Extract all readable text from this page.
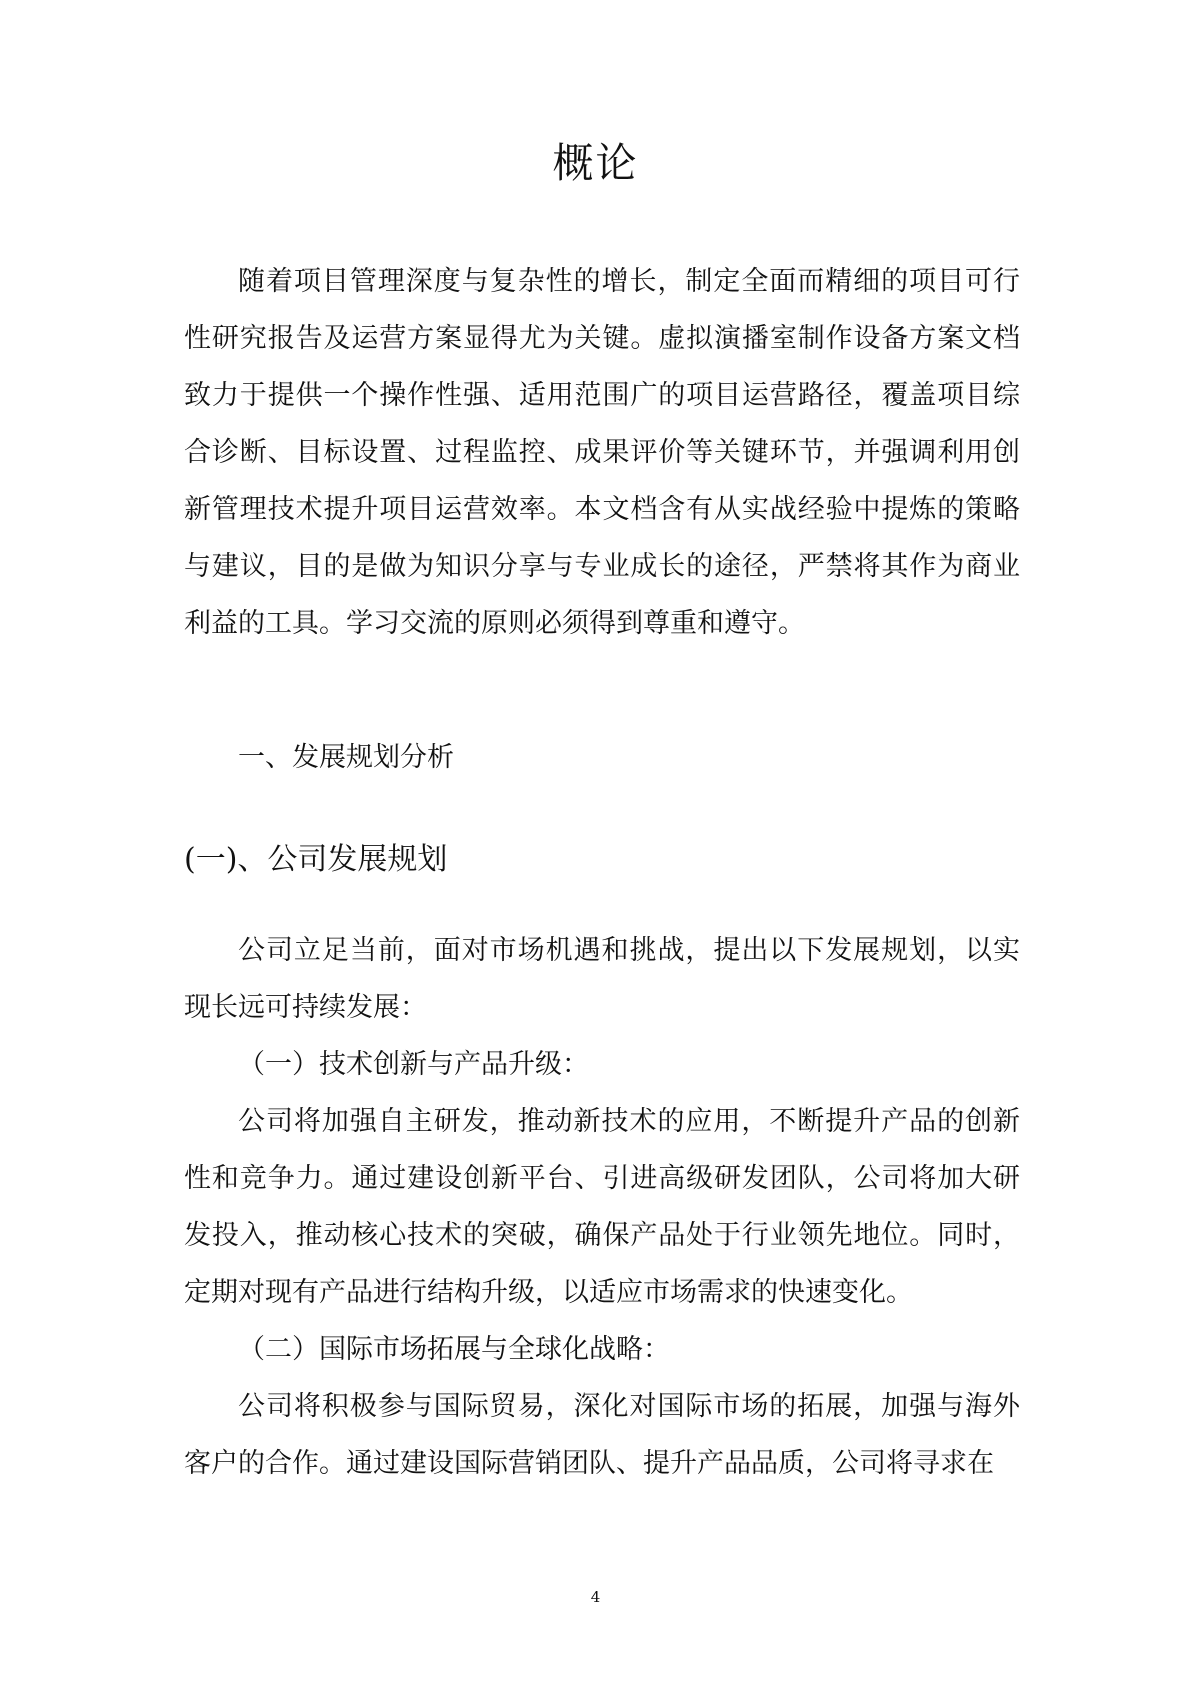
概论

随着项目管理深度与复杂性的增长，制定全面而精细的项目可行性研究报告及运营方案显得尤为关键。虚拟演播室制作设备方案文档致力于提供一个操作性强、适用范围广的项目运营路径，覆盖项目综合诊断、目标设置、过程监控、成果评价等关键环节，并强调利用创新管理技术提升项目运营效率。本文档含有从实战经验中提炼的策略与建议，目的是做为知识分享与专业成长的途径，严禁将其作为商业利益的工具。学习交流的原则必须得到尊重和遵守。

一、发展规划分析

(一)、公司发展规划

公司立足当前，面对市场机遇和挑战，提出以下发展规划，以实现长远可持续发展：

（一）技术创新与产品升级：

公司将加强自主研发，推动新技术的应用，不断提升产品的创新性和竞争力。通过建设创新平台、引进高级研发团队，公司将加大研发投入，推动核心技术的突破，确保产品处于行业领先地位。同时，定期对现有产品进行结构升级，以适应市场需求的快速变化。

（二）国际市场拓展与全球化战略：

公司将积极参与国际贸易，深化对国际市场的拓展，加强与海外客户的合作。通过建设国际营销团队、提升产品品质，公司将寻求在

4
